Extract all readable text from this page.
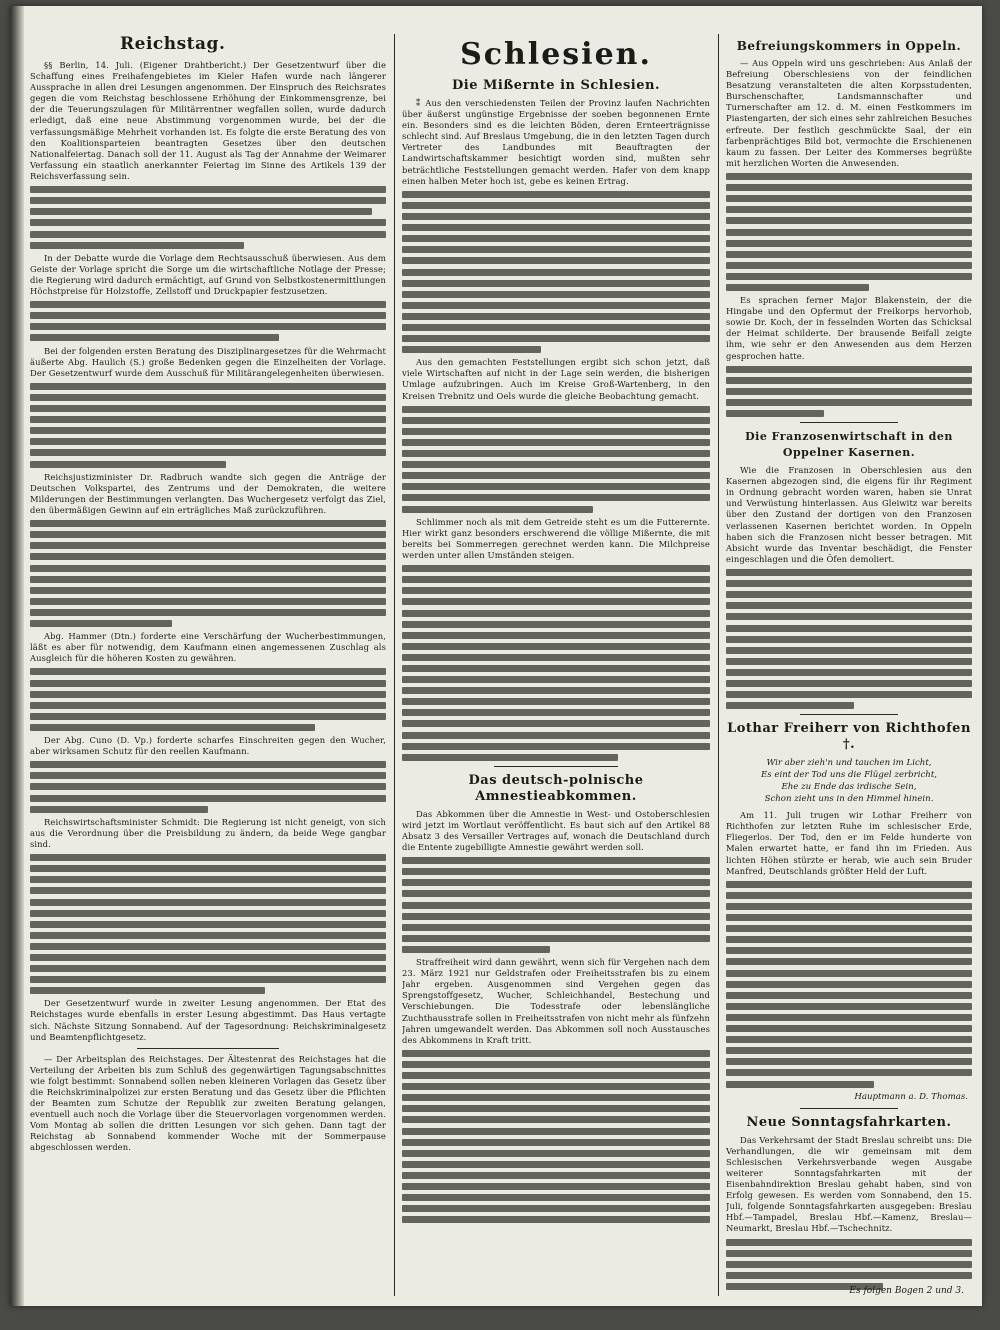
Reichstag.

§§ Berlin, 14. Juli. (Eigener Drahtbericht.) Der Gesetzentwurf über die Schaffung eines Freihafengebietes im Kieler Hafen wurde nach längerer Aussprache in allen drei Lesungen angenommen. Der Einspruch des Reichsrates gegen die vom Reichstag beschlossene Erhöhung der Einkommensgrenze, bei der die Teuerungszulagen für Militärrentner wegfallen sollen, wurde dadurch erledigt, daß eine neue Abstimmung vorgenommen wurde, bei der die verfassungsmäßige Mehrheit vorhanden ist. Es folgte die erste Beratung des von den Koalitionsparteien beantragten Gesetzes über den deutschen Nationalfeiertag. Danach soll der 11. August als Tag der Annahme der Weimarer Verfassung ein staatlich anerkannter Feiertag im Sinne des Artikels 139 der Reichsverfassung sein.

In der Debatte wurde die Vorlage dem Rechtsausschuß überwiesen. Aus dem Geiste der Vorlage spricht die Sorge um die wirtschaftliche Notlage der Presse; die Regierung wird dadurch ermächtigt, auf Grund von Selbstkostenermittlungen Höchstpreise für Holzstoffe, Zellstoff und Druckpapier festzusetzen.

Bei der folgenden ersten Beratung des Disziplinargesetzes für die Wehrmacht äußerte Abg. Haulich (S.) große Bedenken gegen die Einzelheiten der Vorlage. Der Gesetzentwurf wurde dem Ausschuß für Militärangelegenheiten überwiesen.

Reichsjustizminister Dr. Radbruch wandte sich gegen die Anträge der Deutschen Volkspartei, des Zentrums und der Demokraten, die weitere Milderungen der Bestimmungen verlangten. Das Wuchergesetz verfolgt das Ziel, den übermäßigen Gewinn auf ein erträgliches Maß zurückzuführen.

Abg. Hammer (Dtn.) forderte eine Verschärfung der Wucherbestimmungen, läßt es aber für notwendig, dem Kaufmann einen angemessenen Zuschlag als Ausgleich für die höheren Kosten zu gewähren.

Der Abg. Cuno (D. Vp.) forderte scharfes Einschreiten gegen den Wucher, aber wirksamen Schutz für den reellen Kaufmann.

Reichswirtschaftsminister Schmidt: Die Regierung ist nicht geneigt, von sich aus die Verordnung über die Preisbildung zu ändern, da beide Wege gangbar sind.

Der Gesetzentwurf wurde in zweiter Lesung angenommen. Der Etat des Reichstages wurde ebenfalls in erster Lesung abgestimmt. Das Haus vertagte sich. Nächste Sitzung Sonnabend. Auf der Tagesordnung: Reichskriminalgesetz und Beamtenpflichtgesetz.

— Der Arbeitsplan des Reichstages. Der Ältestenrat des Reichstages hat die Verteilung der Arbeiten bis zum Schluß des gegenwärtigen Tagungsabschnittes wie folgt bestimmt: Sonnabend sollen neben kleineren Vorlagen das Gesetz über die Reichskriminalpolizei zur ersten Beratung und das Gesetz über die Pflichten der Beamten zum Schutze der Republik zur zweiten Beratung gelangen, eventuell auch noch die Vorlage über die Steuervorlagen vorgenommen werden. Vom Montag ab sollen die dritten Lesungen vor sich gehen. Dann tagt der Reichstag ab Sonnabend kommender Woche mit der Sommerpause abgeschlossen werden.

Schlesien.
Die Mißernte in Schlesien.

⁑ Aus den verschiedensten Teilen der Provinz laufen Nachrichten über äußerst ungünstige Ergebnisse der soeben begonnenen Ernte ein. Besonders sind es die leichten Böden, deren Ernteerträgnisse schlecht sind. Auf Breslaus Umgebung, die in den letzten Tagen durch Vertreter des Landbundes mit Beauftragten der Landwirtschaftskammer besichtigt worden sind, mußten sehr beträchtliche Feststellungen gemacht werden. Hafer von dem knapp einen halben Meter hoch ist, gebe es keinen Ertrag.

Aus den gemachten Feststellungen ergibt sich schon jetzt, daß viele Wirtschaften auf nicht in der Lage sein werden, die bisherigen Umlage aufzubringen. Auch im Kreise Groß-Wartenberg, in den Kreisen Trebnitz und Oels wurde die gleiche Beobachtung gemacht.

Schlimmer noch als mit dem Getreide steht es um die Futterernte. Hier wirkt ganz besonders erschwerend die völlige Mißernte, die mit bereits bei Sommerregen gerechnet werden kann. Die Milchpreise werden unter allen Umständen steigen.

Das deutsch-polnische Amnestieabkommen.

Das Abkommen über die Amnestie in West- und Ostoberschlesien wird jetzt im Wortlaut veröffentlicht. Es baut sich auf den Artikel 88 Absatz 3 des Versailler Vertrages auf, wonach die Deutschland durch die Entente zugebilligte Amnestie gewährt werden soll.

Straffreiheit wird dann gewährt, wenn sich für Vergehen nach dem 23. März 1921 nur Geldstrafen oder Freiheitsstrafen bis zu einem Jahr ergeben. Ausgenommen sind Vergehen gegen das Sprengstoffgesetz, Wucher, Schleichhandel, Bestechung und Verschiebungen. Die Todesstrafe oder lebenslängliche Zuchthausstrafe sollen in Freiheitsstrafen von nicht mehr als fünfzehn Jahren umgewandelt werden. Das Abkommen soll noch Ausstausches des Abkommens in Kraft tritt.

Befreiungskommers in Oppeln.

— Aus Oppeln wird uns geschrieben: Aus Anlaß der Befreiung Oberschlesiens von der feindlichen Besatzung veranstalteten die alten Korpsstudenten, Burschenschafter, Landsmannschafter und Turnerschafter am 12. d. M. einen Festkommers im Piastengarten, der sich eines sehr zahlreichen Besuches erfreute. Der festlich geschmückte Saal, der ein farbenprächtiges Bild bot, vermochte die Erschienenen kaum zu fassen. Der Leiter des Kommerses begrüßte mit herzlichen Worten die Anwesenden.

Es sprachen ferner Major Blakenstein, der die Hingabe und den Opfermut der Freikorps hervorhob, sowie Dr. Koch, der in fesselnden Worten das Schicksal der Heimat schilderte. Der brausende Beifall zeigte ihm, wie sehr er den Anwesenden aus dem Herzen gesprochen hatte.

Die Franzosenwirtschaft in den Oppelner Kasernen.

Wie die Franzosen in Oberschlesien aus den Kasernen abgezogen sind, die eigens für ihr Regiment in Ordnung gebracht worden waren, haben sie Unrat und Verwüstung hinterlassen. Aus Gleiwitz war bereits über den Zustand der dortigen von den Franzosen verlassenen Kasernen berichtet worden. In Oppeln haben sich die Franzosen nicht besser betragen. Mit Absicht wurde das Inventar beschädigt, die Fenster eingeschlagen und die Öfen demoliert.

Lothar Freiherr von Richthofen †.
Wir aber zieh'n und tauchen im Licht,
Es eint der Tod uns die Flügel zerbricht,
Ehe zu Ende das irdische Sein,
Schon zieht uns in den Himmel hinein.

Am 11. Juli trugen wir Lothar Freiherr von Richthofen zur letzten Ruhe im schlesischer Erde, Fliegerlos. Der Tod, den er im Felde hunderte von Malen erwartet hatte, er fand ihn im Frieden. Aus lichten Höhen stürzte er herab, wie auch sein Bruder Manfred, Deutschlands größter Held der Luft.

Hauptmann a. D. Thomas.
Neue Sonntagsfahrkarten.

Das Verkehrsamt der Stadt Breslau schreibt uns: Die Verhandlungen, die wir gemeinsam mit dem Schlesischen Verkehrsverbande wegen Ausgabe weiterer Sonntagsfahrkarten mit der Eisenbahndirektion Breslau gehabt haben, sind von Erfolg gewesen. Es werden vom Sonnabend, den 15. Juli, folgende Sonntagsfahrkarten ausgegeben: Breslau Hbf.—Tampadel, Breslau Hbf.—Kamenz, Breslau—Neumarkt, Breslau Hbf.—Tschechnitz.

Es folgen Bogen 2 und 3.
